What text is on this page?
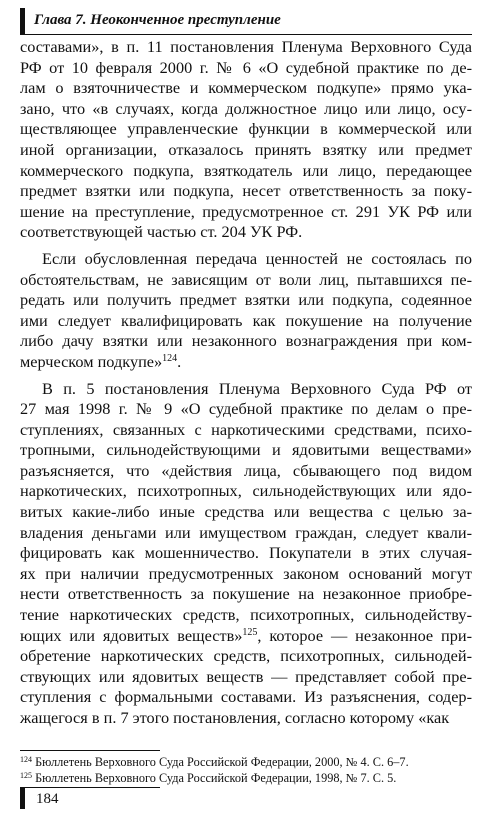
Глава 7. Неоконченное преступление
составами», в п. 11 постановления Пленума Верховного Суда
РФ от 10 февраля 2000 г. № 6 «О судебной практике по де-
лам о взяточничестве и коммерческом подкупе» прямо ука-
зано, что «в случаях, когда должностное лицо или лицо, осу-
ществляющее управленческие функции в коммерческой или
иной организации, отказалось принять взятку или предмет
коммерческого подкупа, взяткодатель или лицо, передающее
предмет взятки или подкупа, несет ответственность за поку-
шение на преступление, предусмотренное ст. 291 УК РФ или
соответствующей частью ст. 204 УК РФ.
Если обусловленная передача ценностей не состоялась по
обстоятельствам, не зависящим от воли лиц, пытавшихся пе-
редать или получить предмет взятки или подкупа, содеянное
ими следует квалифицировать как покушение на получение
либо дачу взятки или незаконного вознаграждения при ком-
мерческом подкупе»$^{124}$.
В п. 5 постановления Пленума Верховного Суда РФ от
27 мая 1998 г. № 9 «О судебной практике по делам о пре-
ступлениях, связанных с наркотическими средствами, психо-
тропными, сильнодействующими и ядовитыми веществами»
разъясняется, что «действия лица, сбывающего под видом
наркотических, психотропных, сильнодействующих или ядо-
витых какие-либо иные средства или вещества с целью за-
владения деньгами или имуществом граждан, следует квали-
фицировать как мошенничество. Покупатели в этих случая-
ях при наличии предусмотренных законом оснований могут
нести ответственность за покушение на незаконное приобре-
тение наркотических средств, психотропных, сильнодейству-
ющих или ядовитых веществ»$^{125}$, которое — незаконное при-
обретение наркотических средств, психотропных, сильнодей-
ствующих или ядовитых веществ — представляет собой пре-
ступления с формальными составами. Из разъяснения, содер-
жащегося в п. 7 этого постановления, согласно которому «как
$^{124}$ Бюллетень Верховного Суда Российской Федерации, 2000, № 4. С. 6–7.
$^{125}$ Бюллетень Верховного Суда Российской Федерации, 1998, № 7. С. 5.
184
